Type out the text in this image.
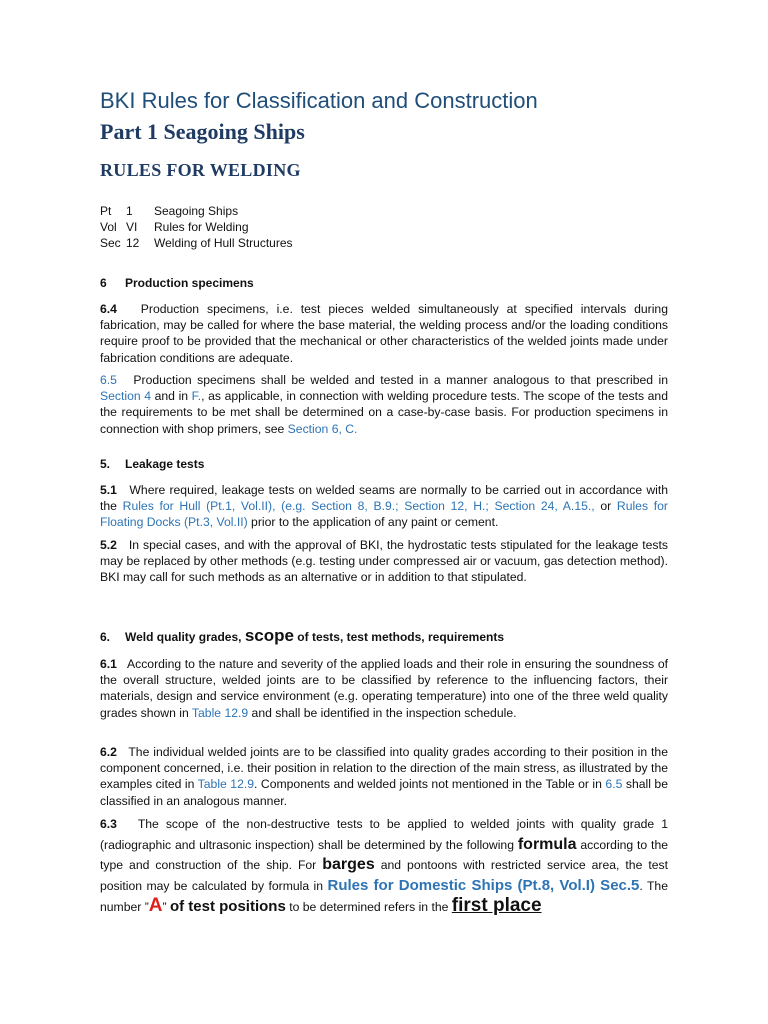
BKI Rules for Classification and Construction
Part 1 Seagoing Ships
RULES FOR WELDING
Pt 1 Seagoing Ships
Vol VI Rules for Welding
Sec 12 Welding of Hull Structures
6 Production specimens
6.4 Production specimens, i.e. test pieces welded simultaneously at specified intervals during fabrication, may be called for where the base material, the welding process and/or the loading conditions require proof to be provided that the mechanical or other characteristics of the welded joints made under fabrication conditions are adequate.
6.5 Production specimens shall be welded and tested in a manner analogous to that prescribed in Section 4 and in F., as applicable, in connection with welding procedure tests. The scope of the tests and the requirements to be met shall be determined on a case-by-case basis. For production specimens in connection with shop primers, see Section 6, C.
5. Leakage tests
5.1 Where required, leakage tests on welded seams are normally to be carried out in accordance with the Rules for Hull (Pt.1, Vol.II), (e.g. Section 8, B.9.; Section 12, H.; Section 24, A.15., or Rules for Floating Docks (Pt.3, Vol.II) prior to the application of any paint or cement.
5.2 In special cases, and with the approval of BKI, the hydrostatic tests stipulated for the leakage tests may be replaced by other methods (e.g. testing under compressed air or vacuum, gas detection method). BKI may call for such methods as an alternative or in addition to that stipulated.
6. Weld quality grades, scope of tests, test methods, requirements
6.1 According to the nature and severity of the applied loads and their role in ensuring the soundness of the overall structure, welded joints are to be classified by reference to the influencing factors, their materials, design and service environment (e.g. operating temperature) into one of the three weld quality grades shown in Table 12.9 and shall be identified in the inspection schedule.
6.2 The individual welded joints are to be classified into quality grades according to their position in the component concerned, i.e. their position in relation to the direction of the main stress, as illustrated by the examples cited in Table 12.9. Components and welded joints not mentioned in the Table or in 6.5 shall be classified in an analogous manner.
6.3 The scope of the non-destructive tests to be applied to welded joints with quality grade 1 (radiographic and ultrasonic inspection) shall be determined by the following formula according to the type and construction of the ship. For barges and pontoons with restricted service area, the test position may be calculated by formula in Rules for Domestic Ships (Pt.8, Vol.I) Sec.5. The number ”A” of test positions to be determined refers in the first place
